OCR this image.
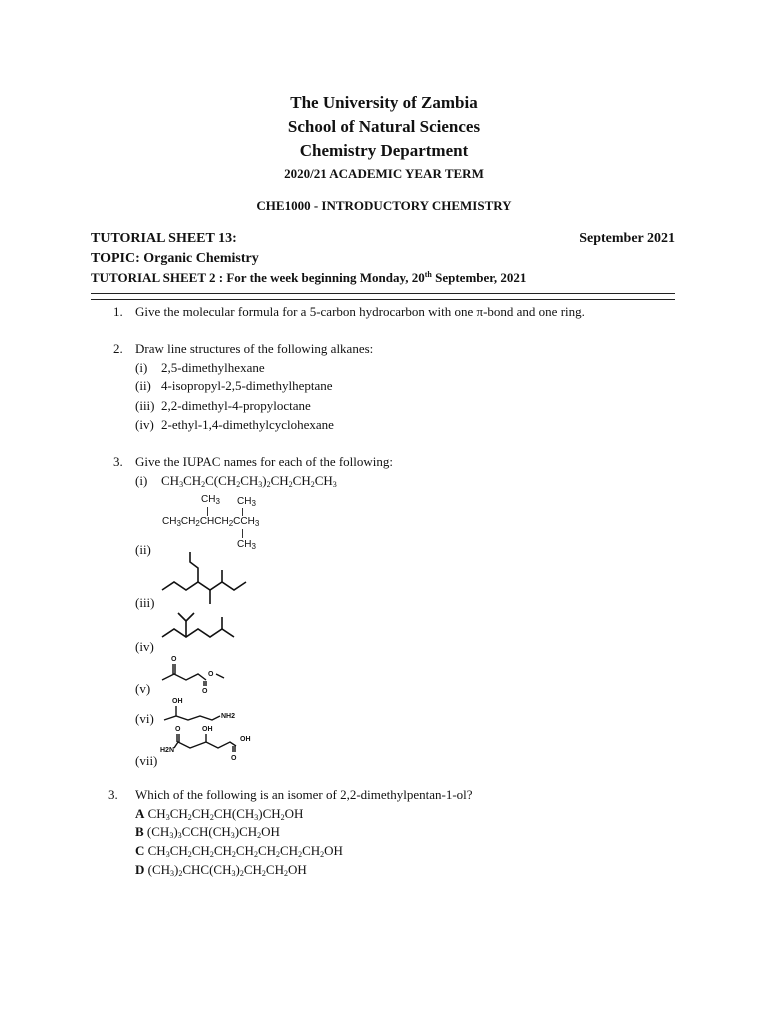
The University of Zambia
School of Natural Sciences
Chemistry Department
2020/21 ACADEMIC YEAR TERM
CHE1000 - INTRODUCTORY CHEMISTRY
TUTORIAL SHEET 13:	September 2021
TOPIC: Organic Chemistry
TUTORIAL SHEET 2 : For the week beginning Monday, 20th September, 2021
1. Give the molecular formula for a 5-carbon hydrocarbon with one π-bond and one ring.
2. Draw line structures of the following alkanes:
(i) 2,5-dimethylhexane
(ii) 4-isopropyl-2,5-dimethylheptane
(iii) 2,2-dimethyl-4-propyloctane
(iv) 2-ethyl-1,4-dimethylcyclohexane
3. Give the IUPAC names for each of the following:
(i) $CH_3CH_2C(CH_2CH_3)_2CH_2CH_2CH_3$
$CH_3$ $CH_3$
$CH_3CH_2CHCH_2CCH_3$
$CH_3$
(ii)
(iii)
(iv)
O
O
O
(v)
OH
NH2
(vi)
O	OH
H2N
OH
O
(vii)
3. Which of the following is an isomer of 2,2-dimethylpentan-1-ol?
A $CH_3CH_2CH_2CH(CH_3)CH_2OH$
B $(CH_3)_3CCH(CH_3)CH_2OH$
C $CH_3CH_2CH_2CH_2CH_2CH_2CH_2CH_2OH$
D $(CH_3)_2CHC(CH_3)_2CH_2CH_2OH$
